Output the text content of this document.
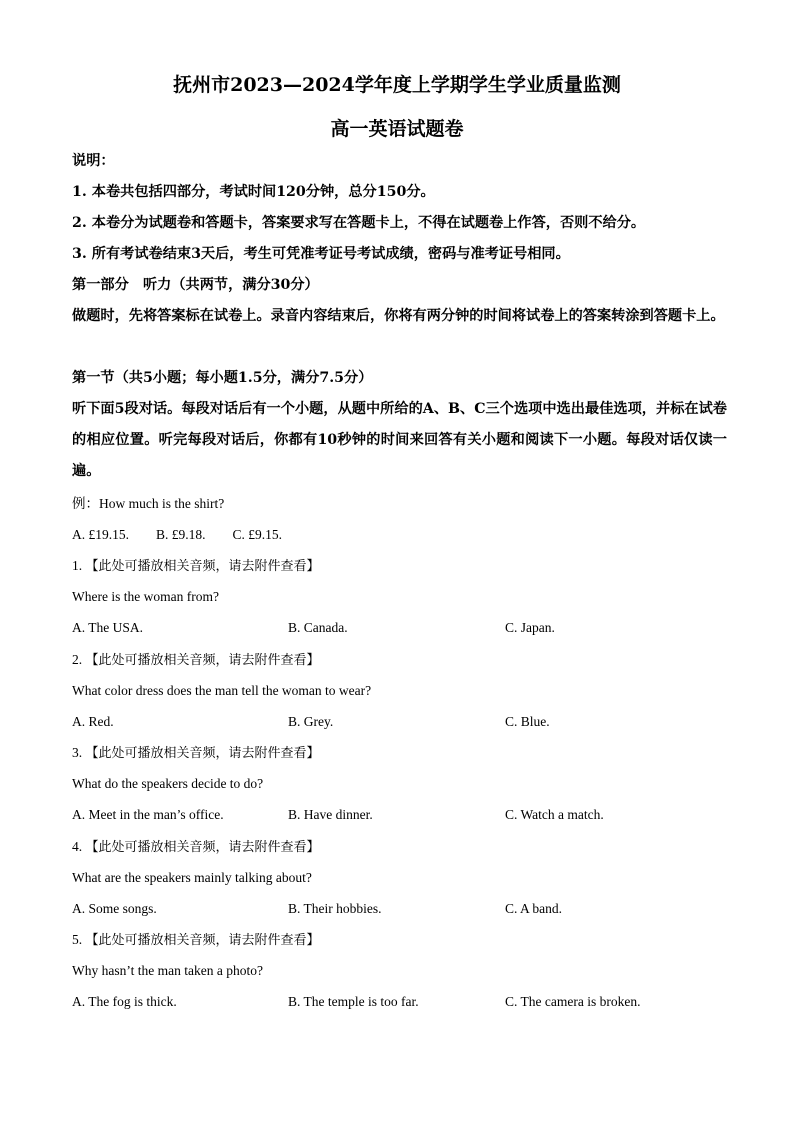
抚州市2023—2024学年度上学期学生学业质量监测
高一英语试题卷
说明：
1. 本卷共包括四部分，考试时间120分钟，总分150分。
2. 本卷分为试题卷和答题卡，答案要求写在答题卡上，不得在试题卷上作答，否则不给分。
3. 所有考试卷结束3天后，考生可凭准考证号考试成绩，密码与准考证号相同。
第一部分　听力（共两节，满分30分）
做题时，先将答案标在试卷上。录音内容结束后，你将有两分钟的时间将试卷上的答案转涂到答题卡上。
第一节（共5小题；每小题1.5分，满分7.5分）
听下面5段对话。每段对话后有一个小题，从题中所给的A、B、C三个选项中选出最佳选项，并标在试卷的相应位置。听完每段对话后，你都有10秒钟的时间来回答有关小题和阅读下一小题。每段对话仅读一遍。
例：How much is the shirt?
A. £19.15.　　B. £9.18.　　C. £9.15.
1. 【此处可播放相关音频，请去附件查看】
Where is the woman from?
A. The USA.	B. Canada.	C. Japan.
2. 【此处可播放相关音频，请去附件查看】
What color dress does the man tell the woman to wear?
A. Red.	B. Grey.	C. Blue.
3. 【此处可播放相关音频，请去附件查看】
What do the speakers decide to do?
A. Meet in the man’s office.	B. Have dinner.	C. Watch a match.
4. 【此处可播放相关音频，请去附件查看】
What are the speakers mainly talking about?
A. Some songs.	B. Their hobbies.	C. A band.
5. 【此处可播放相关音频，请去附件查看】
Why hasn’t the man taken a photo?
A. The fog is thick.	B. The temple is too far.	C. The camera is broken.
